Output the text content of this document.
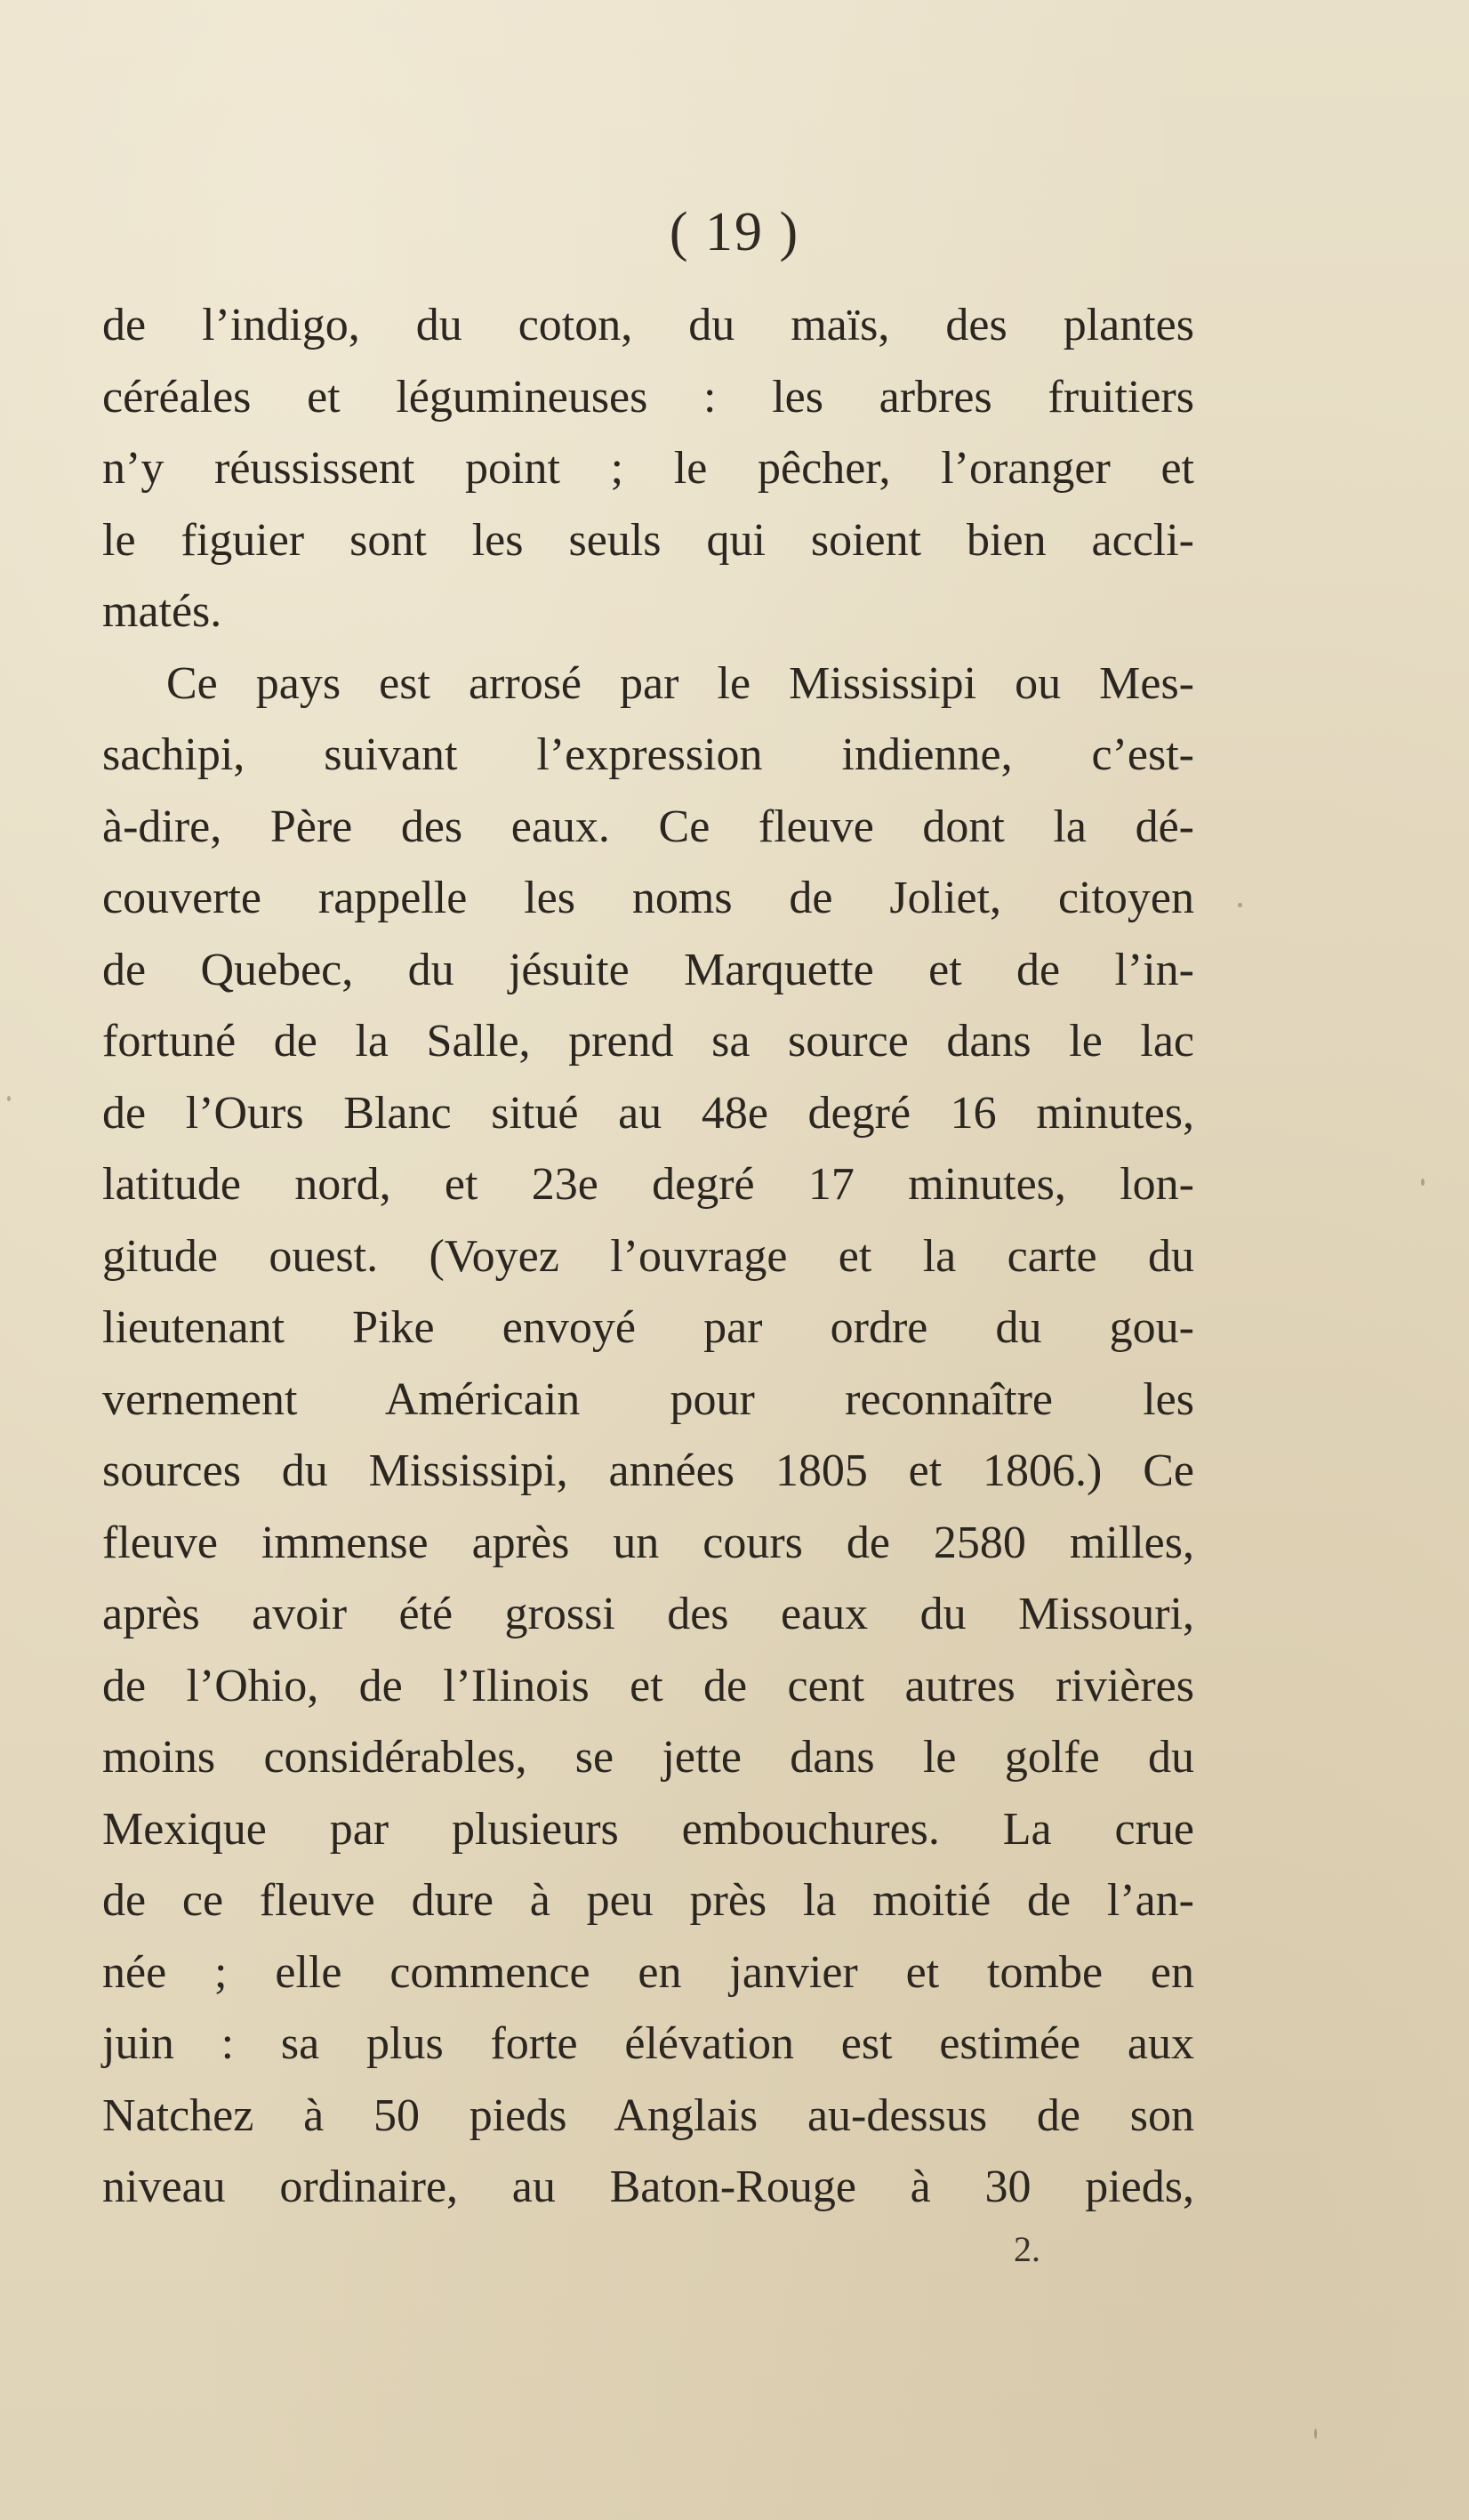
( 19 )
de l’indigo, du coton, du maïs, des plantes
céréales et légumineuses : les arbres fruitiers
n’y réussissent point ; le pêcher, l’oranger et
le figuier sont les seuls qui soient bien accli-
matés.
Ce pays est arrosé par le Mississipi ou Mes-
sachipi, suivant l’expression indienne, c’est-
à-dire, Père des eaux. Ce fleuve dont la dé-
couverte rappelle les noms de Joliet, citoyen
de Quebec, du jésuite Marquette et de l’in-
fortuné de la Salle, prend sa source dans le lac
de l’Ours Blanc situé au 48e degré 16 minutes,
latitude nord, et 23e degré 17 minutes, lon-
gitude ouest. (Voyez l’ouvrage et la carte du
lieutenant Pike envoyé par ordre du gou-
vernement Américain pour reconnaître les
sources du Mississipi, années 1805 et 1806.) Ce
fleuve immense après un cours de 2580 milles,
après avoir été grossi des eaux du Missouri,
de l’Ohio, de l’Ilinois et de cent autres rivières
moins considérables, se jette dans le golfe du
Mexique par plusieurs embouchures. La crue
de ce fleuve dure à peu près la moitié de l’an-
née ; elle commence en janvier et tombe en
juin : sa plus forte élévation est estimée aux
Natchez à 50 pieds Anglais au-dessus de son
niveau ordinaire, au Baton-Rouge à 30 pieds,
2.
